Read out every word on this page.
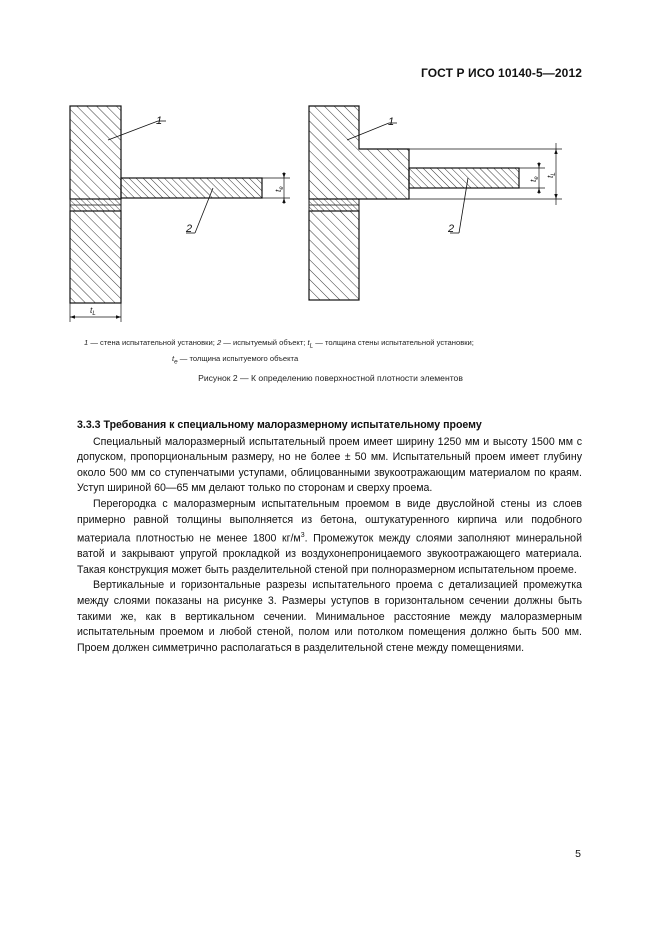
ГОСТ Р ИСО 10140-5—2012
1
2
$t_e$
$t_L$
1
2
$t_e$ $t_L$
1 — стена испытательной установки; 2 — испытуемый объект; $t_L$ — толщина стены испытательной установки;
$t_e$ — толщина испытуемого объекта
Рисунок 2 — К определению поверхностной плотности элементов
3.3.3 Требования к специальному малоразмерному испытательному проему

Специальный малоразмерный испытательный проем имеет ширину 1250 мм и высоту 1500 мм с допуском, пропорциональным размеру, но не более ± 50 мм. Испытательный проем имеет глубину около 500 мм со ступенчатыми уступами, облицованными звукоотражающим материалом по краям. Уступ шириной 60—65 мм делают только по сторонам и сверху проема.

Перегородка с малоразмерным испытательным проемом в виде двуслойной стены из слоев примерно равной толщины выполняется из бетона, оштукатуренного кирпича или подобного материала плотностью не менее 1800 $кг/м^3$. Промежуток между слоями заполняют минеральной ватой и закрывают упругой прокладкой из воздухонепроницаемого звукоотражающего материала. Такая конструкция может быть разделительной стеной при полноразмерном испытательном проеме.

Вертикальные и горизонтальные разрезы испытательного проема с детализацией промежутка между слоями показаны на рисунке 3. Размеры уступов в горизонтальном сечении должны быть такими же, как в вертикальном сечении. Минимальное расстояние между малоразмерным испытательным проемом и любой стеной, полом или потолком помещения должно быть 500 мм. Проем должен симметрично располагаться в разделительной стене между помещениями.

5
